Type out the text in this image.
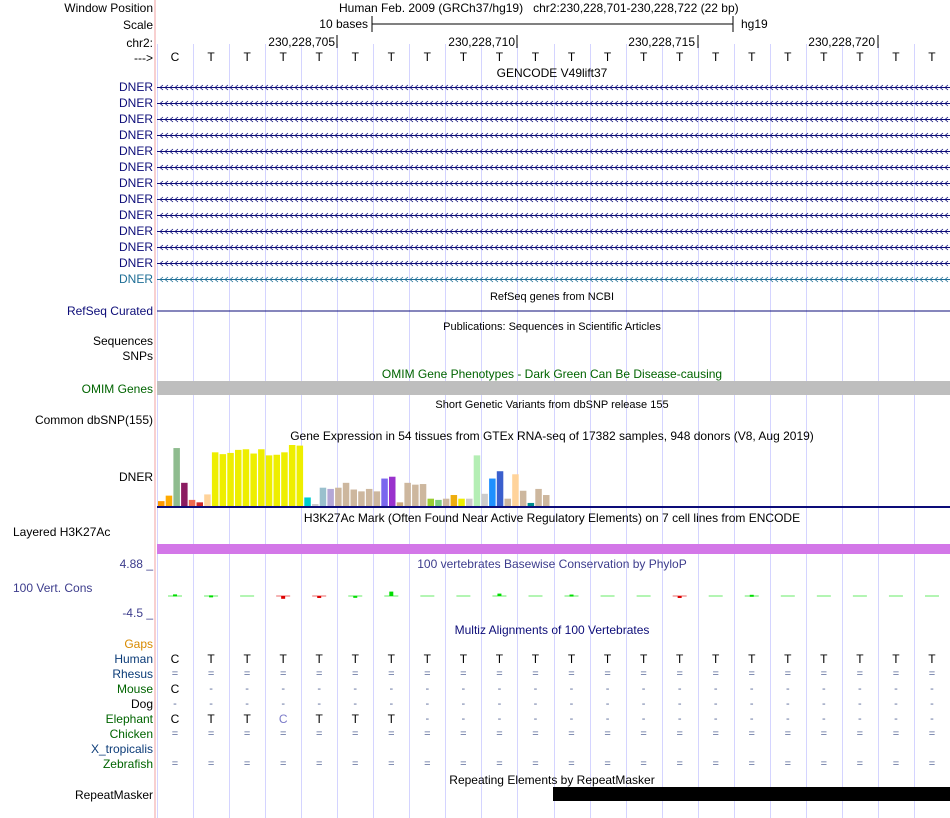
Window Position	Human Feb. 2009 (GRCh37/hg19) chr2:230,228,701-230,228,722 (22 bp)
Scale	10 bases	hg19
chr2:	230,228,705	230,228,710	230,228,715	230,228,720
--->	C	T	T	T	T	T	T	T	T	T	T	T	T	T	T	T	T	T	T	T	T	T
GENCODE V49lift37
DNER
DNER
DNER
DNER
DNER
DNER
DNER
DNER
DNER
DNER
DNER
DNER
DNER
RefSeq genes from NCBI
RefSeq Curated
Publications: Sequences in Scientific Articles
Sequences
SNPs
OMIM Gene Phenotypes - Dark Green Can Be Disease-causing
OMIM Genes
Short Genetic Variants from dbSNP release 155
Common dbSNP(155)
Gene Expression in 54 tissues from GTEx RNA-seq of 17382 samples, 948 donors (V8, Aug 2019)
DNER
H3K27Ac Mark (Often Found Near Active Regulatory Elements) on 7 cell lines from ENCODE
Layered H3K27Ac
100 vertebrates Basewise Conservation by PhyloP
4.88 _
100 Vert. Cons
-4.5 _
Multiz Alignments of 100 Vertebrates
Gaps
Human	C	T	T	T	T	T	T	T	T	T	T	T	T	T	T	T	T	T	T	T	T	T
Rhesus	=	=	=	=	=	=	=	=	=	=	=	=	=	=	=	=	=	=	=	=	=	=
Mouse	C	-	-	-	-	-	-	-	-	-	-	-	-	-	-	-	-	-	-	-	-	-
Dog	-	-	-	-	-	-	-	-	-	-	-	-	-	-	-	-	-	-	-	-	-	-
Elephant	C	T	T	C	T	T	T	-	-	-	-	-	-	-	-	-	-	-	-	-	-	-
Chicken	=	=	=	=	=	=	=	=	=	=	=	=	=	=	=	=	=	=	=	=	=	=
X_tropicalis
Zebrafish	=	=	=	=	=	=	=	=	=	=	=	=	=	=	=	=	=	=	=	=	=	=
Repeating Elements by RepeatMasker
RepeatMasker
